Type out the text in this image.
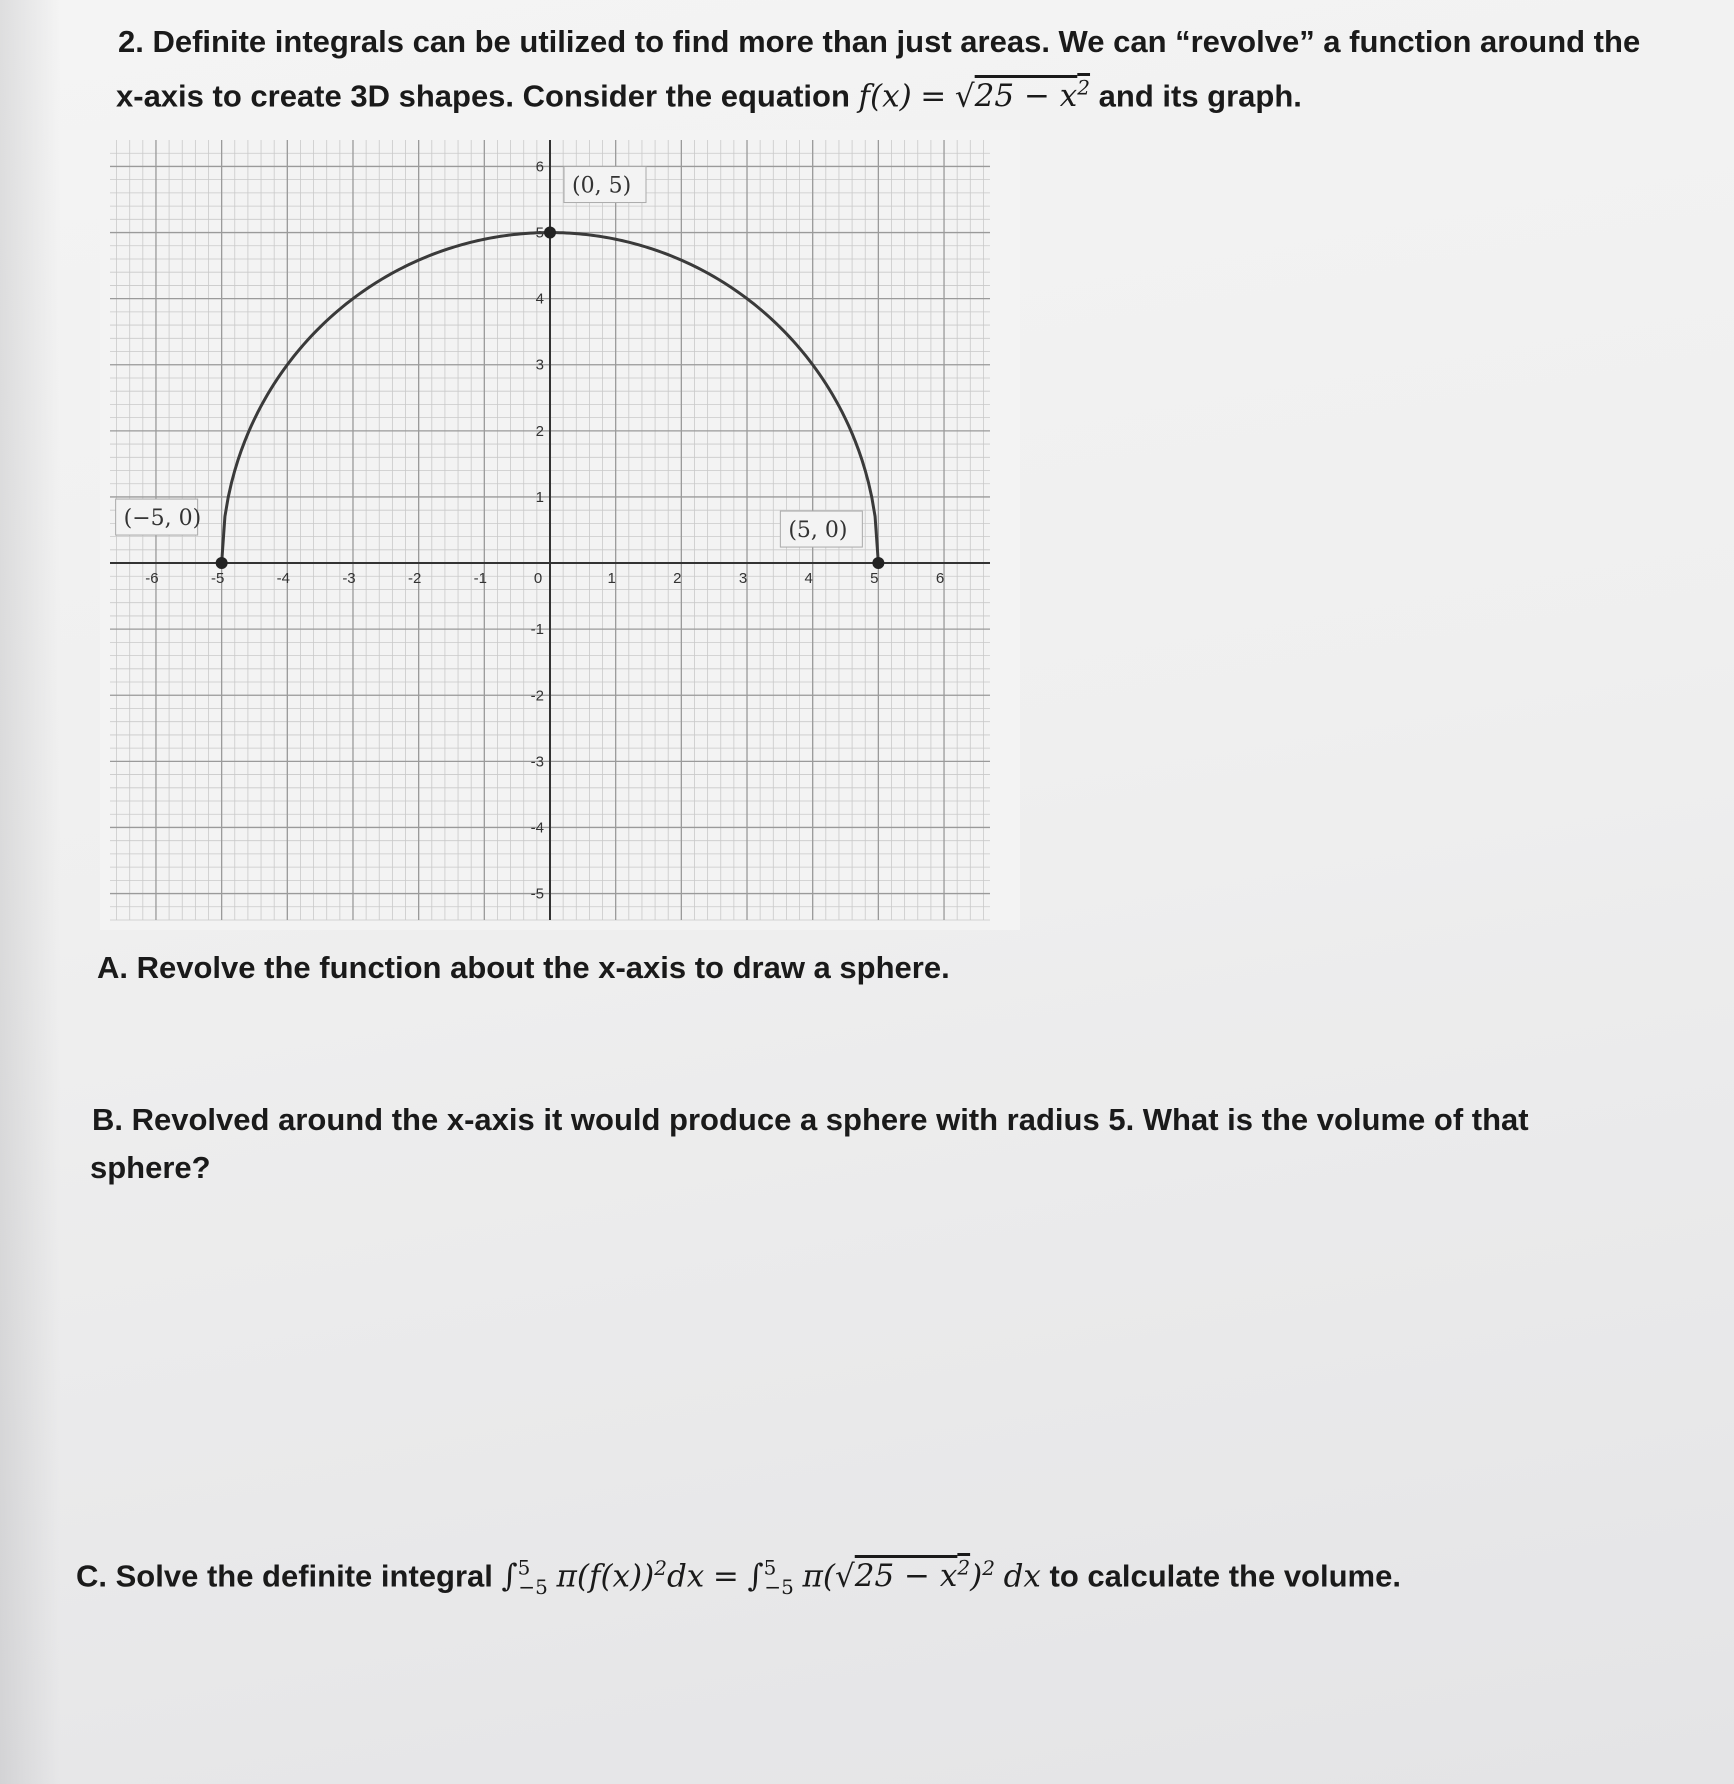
2. Definite integrals can be utilized to find more than just areas. We can “revolve” a function around the
x-axis to create 3D shapes. Consider the equation $f(x) = √25 - x^2$ and its graph.
-6	-5	-4	-3	-2	-1	0	1	2	3	4	5	6
6
5
4
3
2
1
-1
-2
-3
-4
-5
(0, 5)
(−5, 0)	(5, 0)
A. Revolve the function about the x-axis to draw a sphere.
B. Revolved around the x-axis it would produce a sphere with radius 5. What is the volume of that
sphere?
C. Solve the definite integral ∫$^5_{-5}$ $\pi(f(x))^2dx = \int^5_{-5}$ $\pi(√25 - x^2)^2$ dx to calculate the volume.
